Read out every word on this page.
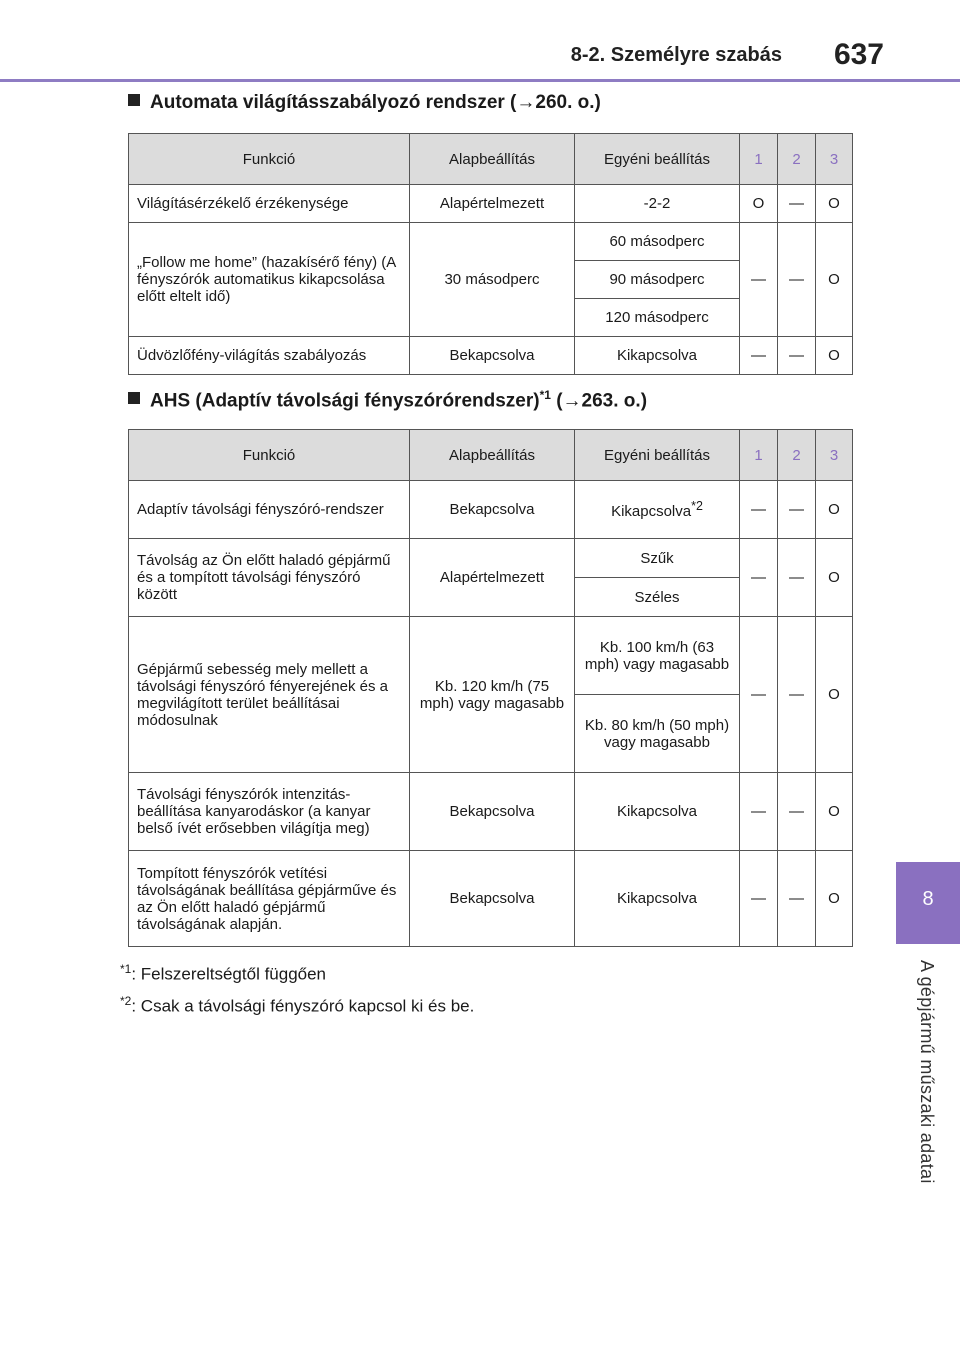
8-2. Személyre szabás 637
8
A gépjármű műszaki adatai
Automata világításszabályozó rendszer (→260. o.)
Funkció	Alapbeállítás	Egyéni beállítás	1	2	3
Világításérzékelő érzékenysége	Alapértelmezett	-2-2	O	—	O
„Follow me home” (hazakísérő fény) (A fényszórók automatikus kikapcsolása előtt eltelt idő)	30 másodperc	60 másodperc	—	—	O
		90 másodperc			
		120 másodperc			
Üdvözlőfény-világítás szabályozás	Bekapcsolva	Kikapcsolva	—	—	O
AHS (Adaptív távolsági fényszórórendszer)$^{*1}$ (→263. o.)
Funkció	Alapbeállítás	Egyéni beállítás	1	2	3
Adaptív távolsági fényszóró-rendszer	Bekapcsolva	Kikapcsolva$^{*2}$	—	—	O
Távolság az Ön előtt haladó gépjármű és a tompított távolsági fényszóró között	Alapértelmezett	Szűk	—	—	O
		Széles			
Gépjármű sebesség mely mellett a távolsági fényszóró fényerejének és a megvilágított terület beállításai módosulnak	Kb. 120 km/h (75 mph) vagy magasabb	Kb. 100 km/h (63 mph) vagy magasabb	—	—	O
		Kb. 80 km/h (50 mph) vagy magasabb			
Távolsági fényszórók intenzitás-beállítása kanyarodáskor (a kanyar belső ívét erősebben világítja meg)	Bekapcsolva	Kikapcsolva	—	—	O
Tompított fényszórók vetítési távolságának beállítása gépjárműve és az Ön előtt haladó gépjármű távolságának alapján.	Bekapcsolva	Kikapcsolva	—	—	O
$^{*1}$: Felszereltségtől függően
$^{*2}$: Csak a távolsági fényszóró kapcsol ki és be.
